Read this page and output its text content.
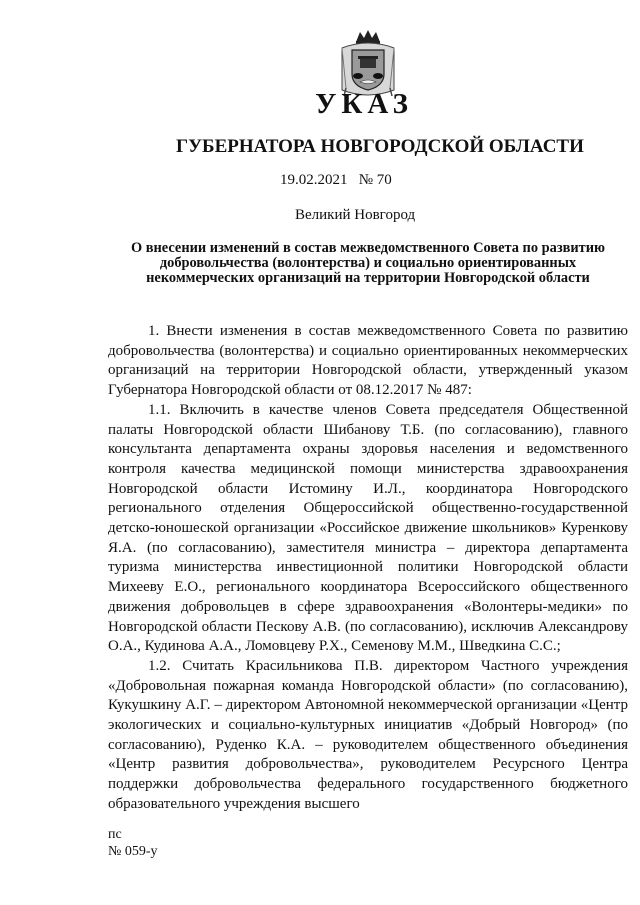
УКАЗ
ГУБЕРНАТОРА НОВГОРОДСКОЙ ОБЛАСТИ
19.02.2021 № 70
Великий Новгород
О внесении изменений в состав межведомственного Совета по развитию добровольчества (волонтерства) и социально ориентированных некоммерческих организаций на территории Новгородской области

1. Внести изменения в состав межведомственного Совета по развитию добровольчества (волонтерства) и социально ориентированных некоммерческих организаций на территории Новгородской области, утвержденный указом Губернатора Новгородской области от 08.12.2017 № 487:

1.1. Включить в качестве членов Совета председателя Общественной палаты Новгородской области Шибанову Т.Б. (по согласованию), главного консультанта департамента охраны здоровья населения и ведомственного контроля качества медицинской помощи министерства здравоохранения Новгородской области Истомину И.Л., координатора Новгородского регионального отделения Общероссийской общественно-государственной детско-юношеской организации «Российское движение школьников» Куренкову Я.А. (по согласованию), заместителя министра – директора департамента туризма министерства инвестиционной политики Новгородской области Михееву Е.О., регионального координатора Всероссийского общественного движения добровольцев в сфере здравоохранения «Волонтеры-медики» по Новгородской области Пескову А.В. (по согласованию), исключив Александрову О.А., Кудинова А.А., Ломовцеву Р.Х., Семенову М.М., Шведкина С.С.;

1.2. Считать Красильникова П.В. директором Частного учреждения «Добровольная пожарная команда Новгородской области» (по согласованию), Кукушкину А.Г. – директором Автономной некоммерческой организации «Центр экологических и социально-культурных инициатив «Добрый Новгород» (по согласованию), Руденко К.А. – руководителем общественного объединения «Центр развития добровольчества», руководителем Ресурсного Центра поддержки добровольчества федерального государственного бюджетного образовательного учреждения высшего

пс
№ 059-у
